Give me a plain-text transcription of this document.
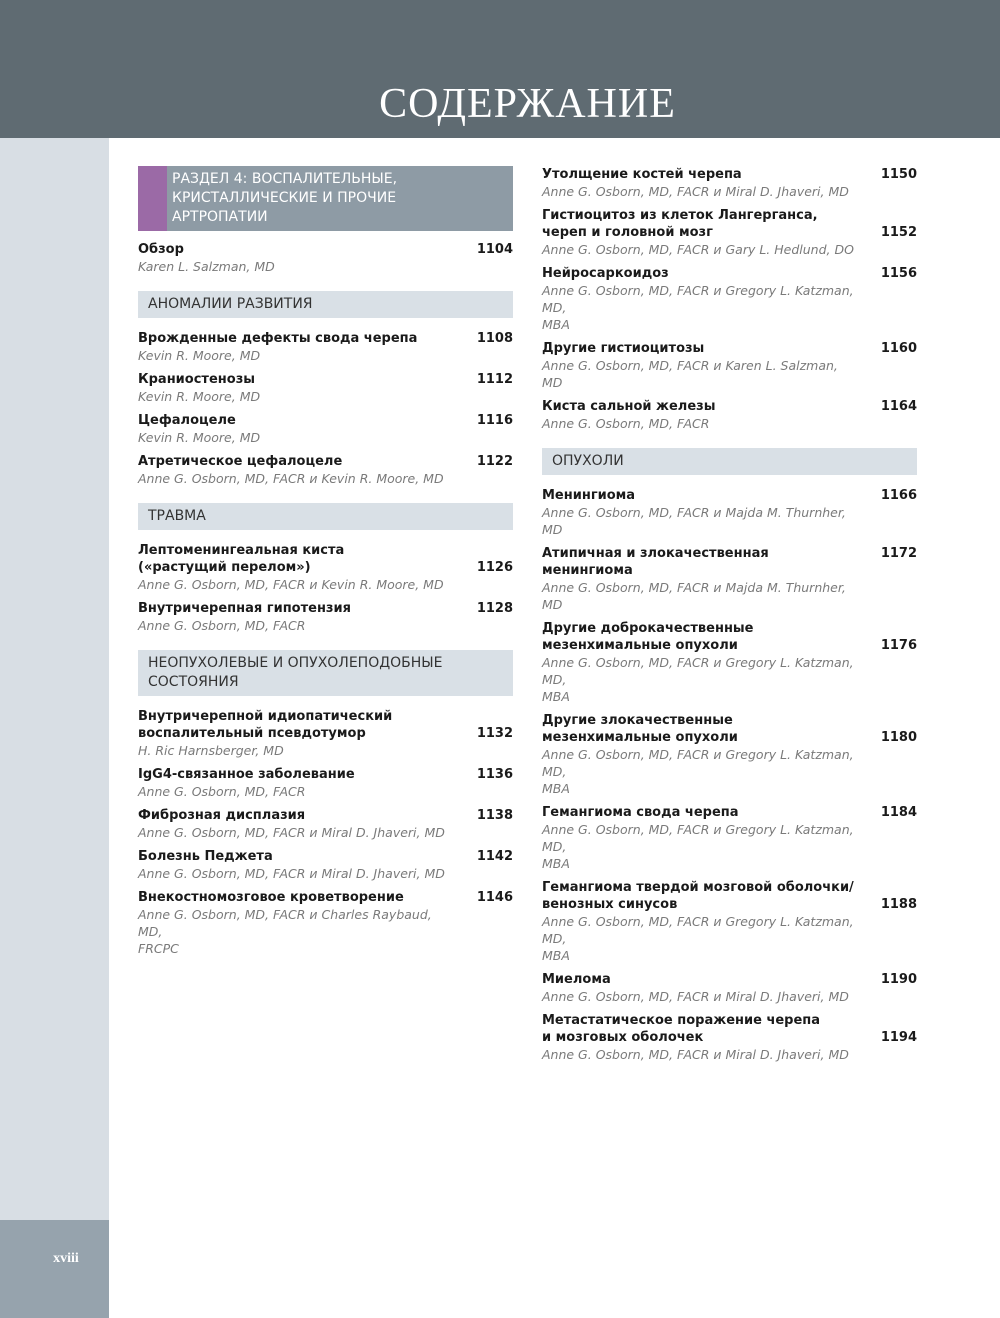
СОДЕРЖАНИЕ
xviii
РАЗДЕЛ 4: ВОСПАЛИТЕЛЬНЫЕ,
КРИСТАЛЛИЧЕСКИЕ И ПРОЧИЕ
АРТРОПАТИИ
Обзор
Karen L. Salzman, MD
1104
АНОМАЛИИ РАЗВИТИЯ
Врожденные дефекты свода черепа
Kevin R. Moore, MD
1108
Краниостенозы
Kevin R. Moore, MD
1112
Цефалоцеле
Kevin R. Moore, MD
1116
Атретическое цефалоцеле
Anne G. Osborn, MD, FACR и Kevin R. Moore, MD
1122
ТРАВМА
Лептоменингеальная киста
(«растущий перелом»)
Anne G. Osborn, MD, FACR и Kevin R. Moore, MD
1126
Внутричерепная гипотензия
Anne G. Osborn, MD, FACR
1128
НЕОПУХОЛЕВЫЕ И ОПУХОЛЕПОДОБНЫЕ
СОСТОЯНИЯ
Внутричерепной идиопатический
воспалительный псевдотумор
H. Ric Harnsberger, MD
1132
IgG4-связанное заболевание
Anne G. Osborn, MD, FACR
1136
Фиброзная дисплазия
Anne G. Osborn, MD, FACR и Miral D. Jhaveri, MD
1138
Болезнь Педжета
Anne G. Osborn, MD, FACR и Miral D. Jhaveri, MD
1142
Внекостномозговое кроветворение
Anne G. Osborn, MD, FACR и Charles Raybaud, MD,
FRCPC
1146
Утолщение костей черепа
Anne G. Osborn, MD, FACR и Miral D. Jhaveri, MD
1150
Гистиоцитоз из клеток Лангерганса,
череп и головной мозг
Anne G. Osborn, MD, FACR и Gary L. Hedlund, DO
1152
Нейросаркоидоз
Anne G. Osborn, MD, FACR и Gregory L. Katzman, MD,
MBA
1156
Другие гистиоцитозы
Anne G. Osborn, MD, FACR и Karen L. Salzman, MD
1160
Киста сальной железы
Anne G. Osborn, MD, FACR
1164
ОПУХОЛИ
Менингиома
Anne G. Osborn, MD, FACR и Majda M. Thurnher, MD
1166
Атипичная и злокачественная менингиома
Anne G. Osborn, MD, FACR и Majda M. Thurnher, MD
1172
Другие доброкачественные
мезенхимальные опухоли
Anne G. Osborn, MD, FACR и Gregory L. Katzman, MD,
MBA
1176
Другие злокачественные
мезенхимальные опухоли
Anne G. Osborn, MD, FACR и Gregory L. Katzman, MD,
MBA
1180
Гемангиома свода черепа
Anne G. Osborn, MD, FACR и Gregory L. Katzman, MD,
MBA
1184
Гемангиома твердой мозговой оболочки/
венозных синусов
Anne G. Osborn, MD, FACR и Gregory L. Katzman, MD,
MBA
1188
Миелома
Anne G. Osborn, MD, FACR и Miral D. Jhaveri, MD
1190
Метастатическое поражение черепа
и мозговых оболочек
Anne G. Osborn, MD, FACR и Miral D. Jhaveri, MD
1194
